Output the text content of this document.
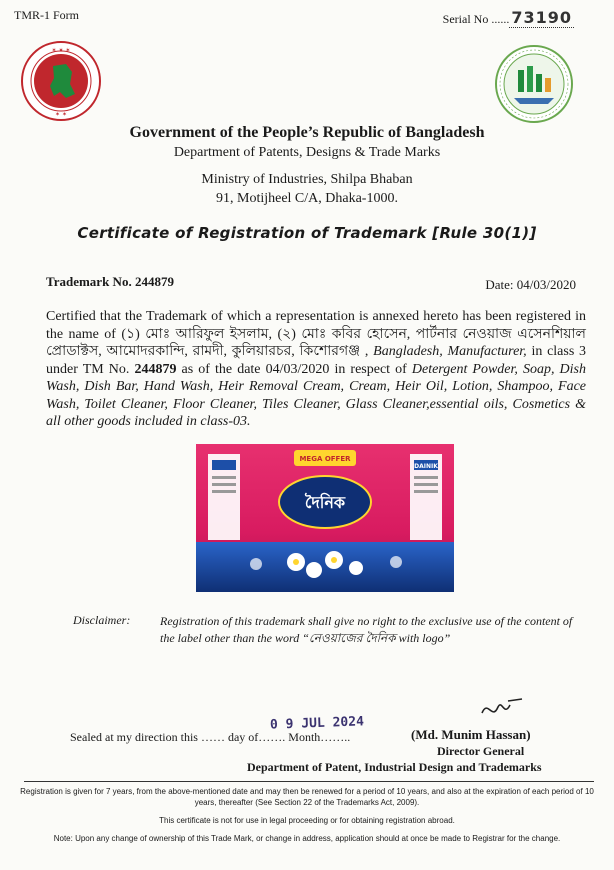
TMR-1 Form	Serial No ...... 73190
✶ ✶ ✶
✶ ✶
Government of the People’s Republic of Bangladesh
Department of Patents, Designs & Trade Marks
Ministry of Industries, Shilpa Bhaban
91, Motijheel C/A, Dhaka-1000.
Certificate of Registration of Trademark [Rule 30(1)]
Trademark No. 244879	Date: 04/03/2020
Certified that the Trademark of which a representation is annexed hereto has been registered in the name of (১) মোঃ আরিফুল ইসলাম, (২) মোঃ কবির হোসেন, পার্টনার নেওয়াজ এসেনশিয়াল প্রোডাক্টস, আমোদরকান্দি, রামদী, কুলিয়ারচর, কিশোরগঞ্জ , Bangladesh, Manufacturer, in class 3 under TM No. 244879 as of the date 04/03/2020 in respect of Detergent Powder, Soap, Dish Wash, Dish Bar, Hand Wash, Heir Removal Cream, Cream, Heir Oil, Lotion, Shampoo, Face Wash, Toilet Cleaner, Floor Cleaner, Tiles Cleaner, Glass Cleaner,essential oils, Cosmetics & all other goods included in class-03.
DAINIK
MEGA OFFER
দৈনিক
Disclaimer: Registration of this trademark shall give no right to the exclusive use of the content of the label other than the word “নেওয়াজের দৈনিক with logo”
Sealed at my direction this …… day of……. Month……..
0 9 JUL 2024
(Md. Munim Hassan)
Director General
Department of Patent, Industrial Design and Trademarks
Registration is given for 7 years, from the above-mentioned date and may then be renewed for a period of 10 years, and also at the expiration of each period of 10 years, thereafter (See Section 22 of the Trademarks Act, 2009).
This certificate is not for use in legal proceeding or for obtaining registration abroad.
Note: Upon any change of ownership of this Trade Mark, or change in address, application should at once be made to Registrar for the change.
